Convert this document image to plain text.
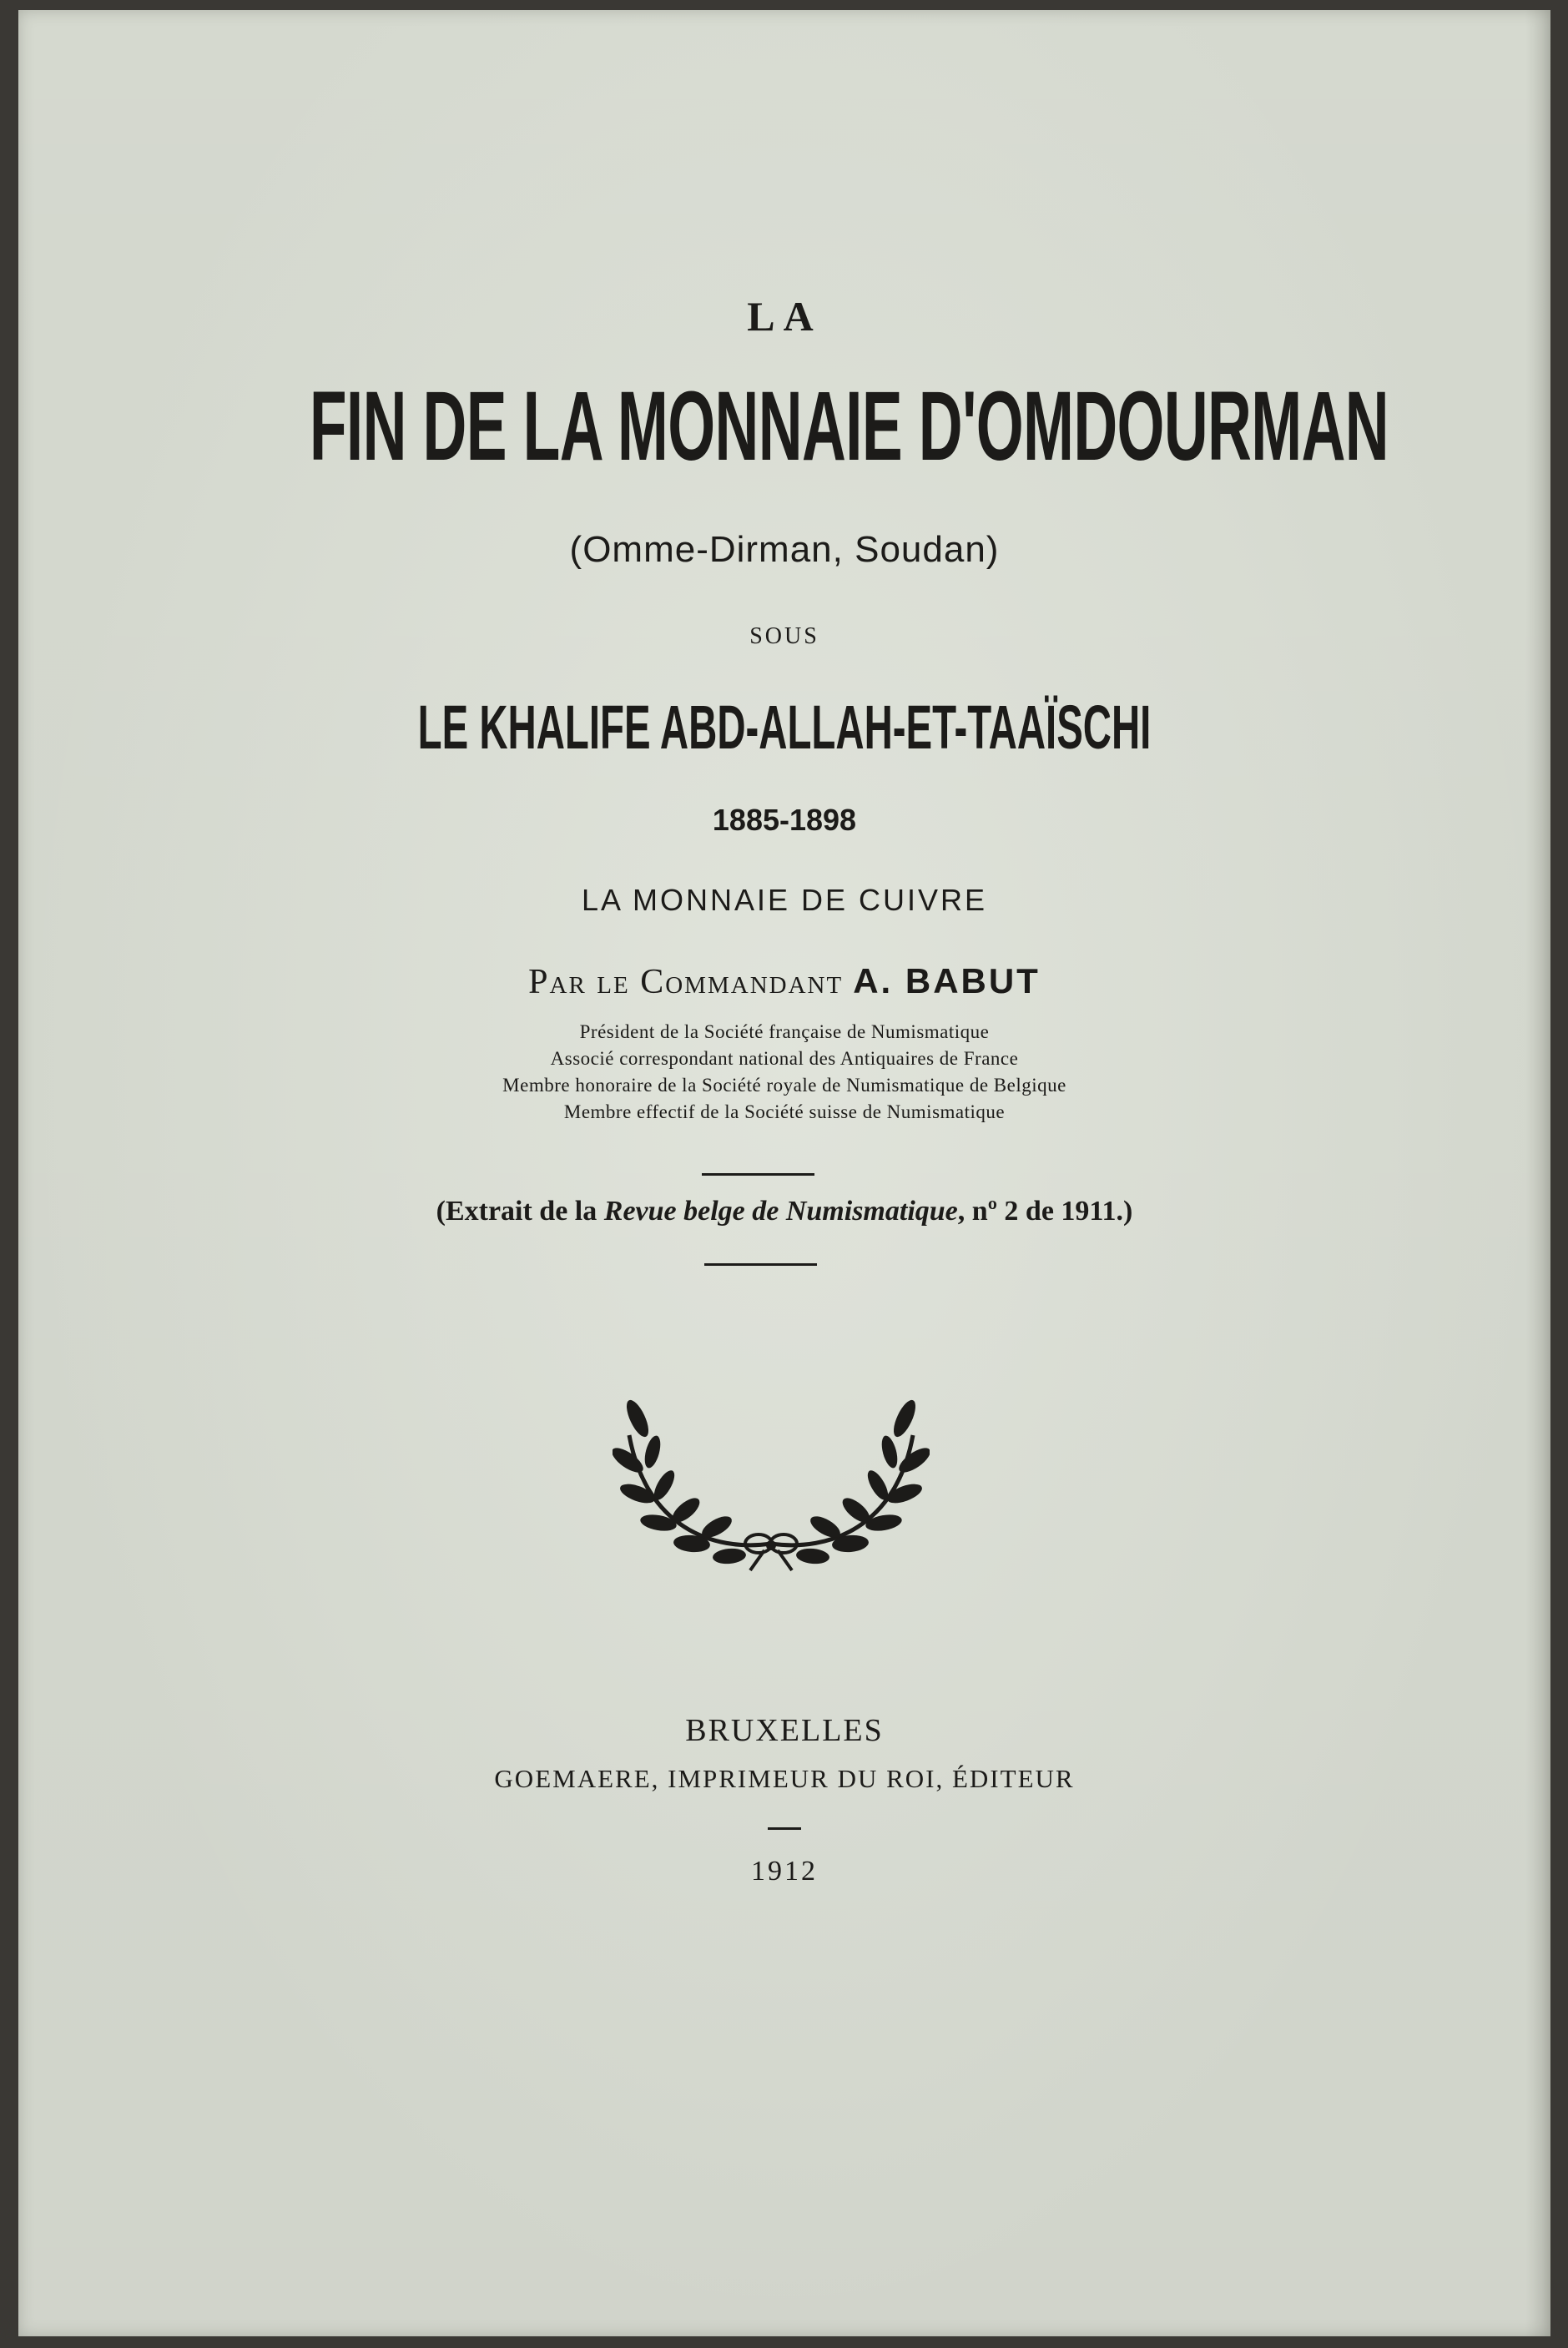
LA

FIN DE LA MONNAIE D'OMDOURMAN

(Omme-Dirman, Soudan)

SOUS

LE KHALIFE ABD-ALLAH-ET-TAAÏSCHI

1885-1898

LA MONNAIE DE CUIVRE

Par le Commandant A. BABUT

Président de la Société française de Numismatique

Associé correspondant national des Antiquaires de France

Membre honoraire de la Société royale de Numismatique de Belgique

Membre effectif de la Société suisse de Numismatique

(Extrait de la Revue belge de Numismatique, nº 2 de 1911.)

BRUXELLES

GOEMAERE, IMPRIMEUR DU ROI, ÉDITEUR

1912
